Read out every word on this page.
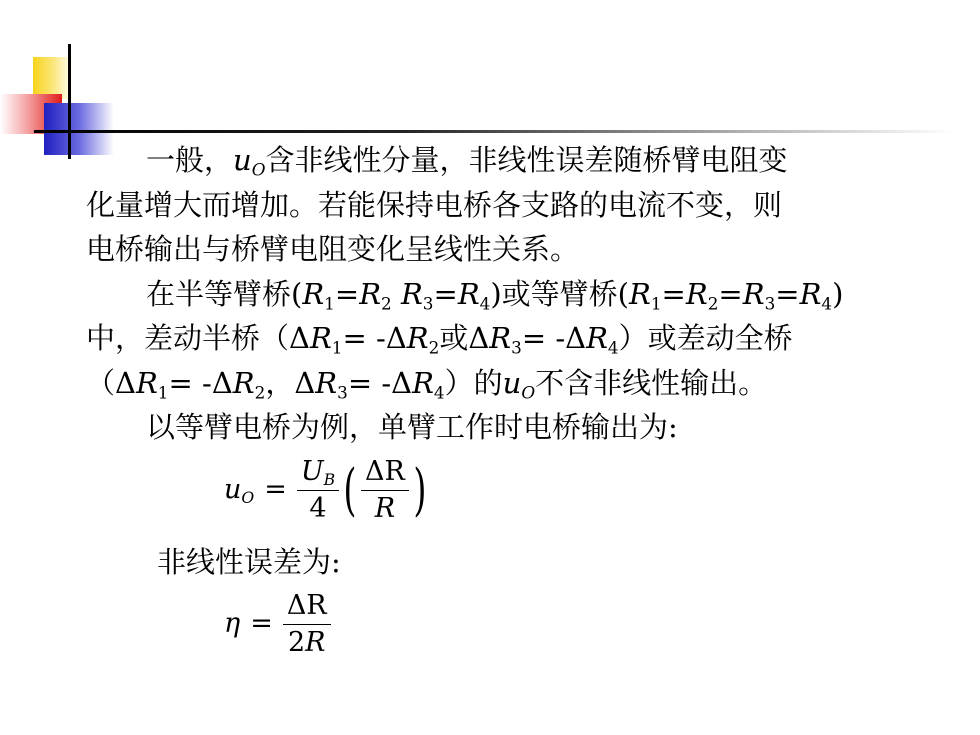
一般，$u_O$含非线性分量，非线性误差随桥臂电阻变
化量增大而增加。若能保持电桥各支路的电流不变，则
电桥输出与桥臂电阻变化呈线性关系。
在半等臂桥($R_1=R_2$ $R_3=R_4$)或等臂桥$(R_1=R_2=R_3=R_4)$
中，差动半桥（$\Delta R_1= -\Delta R_2$或$\Delta R_3= -\Delta R_4$）或差动全桥
（$\Delta R_1= -\Delta R_2$，$\Delta R_3= -\Delta R_4$）的$u_O$不含非线性输出。
以等臂电桥为例，单臂工作时电桥输出为:
$u_O = \frac{U_B}{4}$ ( $\frac{\Delta R}{R}$ )
非线性误差为:
$\eta = \frac{\Delta R}{2R}$
